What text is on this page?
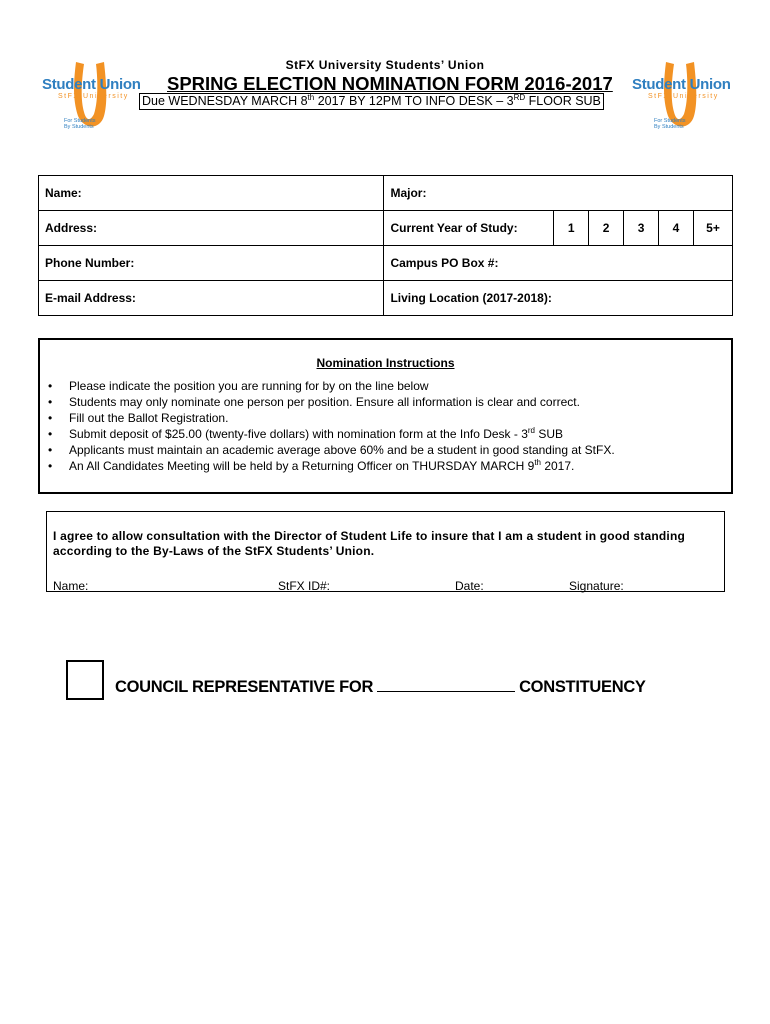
StFX University Students’ Union
Student Union
StFX University
For Students
By Students
Student Union
StFX University
For Students
By Students
SPRING ELECTION NOMINATION FORM 2016-2017
Due WEDNESDAY MARCH 8th 2017 BY 12PM TO INFO DESK – 3RD FLOOR SUB
Name:	Major:					
Address:	Current Year of Study:	1	2	3	4	5+
Phone Number:	Campus PO Box #:					
E-mail Address:	Living Location (2017-2018):					
Nomination Instructions
• Please indicate the position you are running for by on the line below
• Students may only nominate one person per position. Ensure all information is clear and correct.
• Fill out the Ballot Registration.
• Submit deposit of $25.00 (twenty-five dollars) with nomination form at the Info Desk - 3rd SUB
• Applicants must maintain an academic average above 60% and be a student in good standing at StFX.
• An All Candidates Meeting will be held by a Returning Officer on THURSDAY MARCH 9th 2017.
I agree to allow consultation with the Director of Student Life to insure that I am a student in good standing according to the By-Laws of the StFX Students’ Union.
Name:	StFX ID#:	Date:	Signature:
COUNCIL REPRESENTATIVE FOR	CONSTITUENCY
